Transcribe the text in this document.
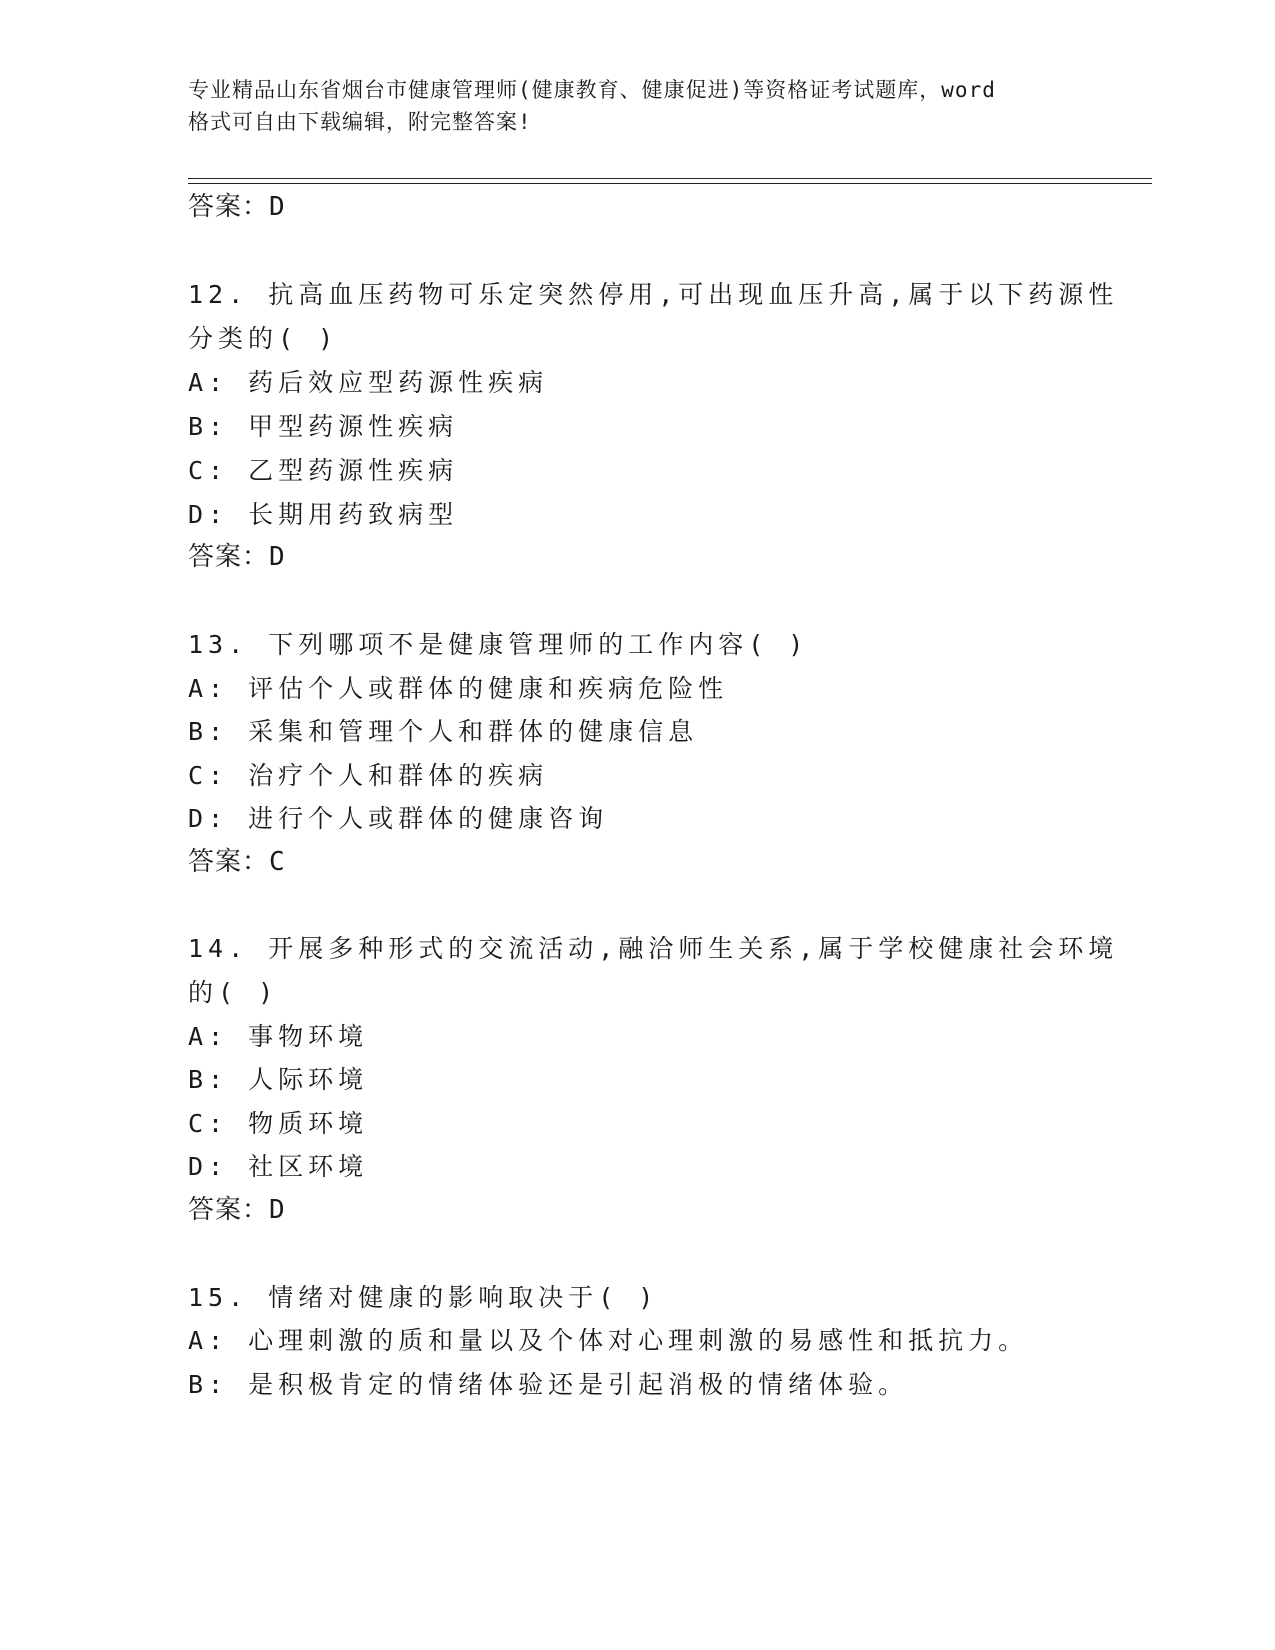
专业精品山东省烟台市健康管理师(健康教育、健康促进)等资格证考试题库，word
格式可自由下载编辑，附完整答案!
答案：D
12. 抗高血压药物可乐定突然停用,可出现血压升高,属于以下药源性
分类的( )
A: 药后效应型药源性疾病
B: 甲型药源性疾病
C: 乙型药源性疾病
D: 长期用药致病型
答案：D
13. 下列哪项不是健康管理师的工作内容( )
A: 评估个人或群体的健康和疾病危险性
B: 采集和管理个人和群体的健康信息
C: 治疗个人和群体的疾病
D: 进行个人或群体的健康咨询
答案：C
14. 开展多种形式的交流活动,融洽师生关系,属于学校健康社会环境
的( )
A: 事物环境
B: 人际环境
C: 物质环境
D: 社区环境
答案：D
15. 情绪对健康的影响取决于( )
A: 心理刺激的质和量以及个体对心理刺激的易感性和抵抗力。
B: 是积极肯定的情绪体验还是引起消极的情绪体验。
